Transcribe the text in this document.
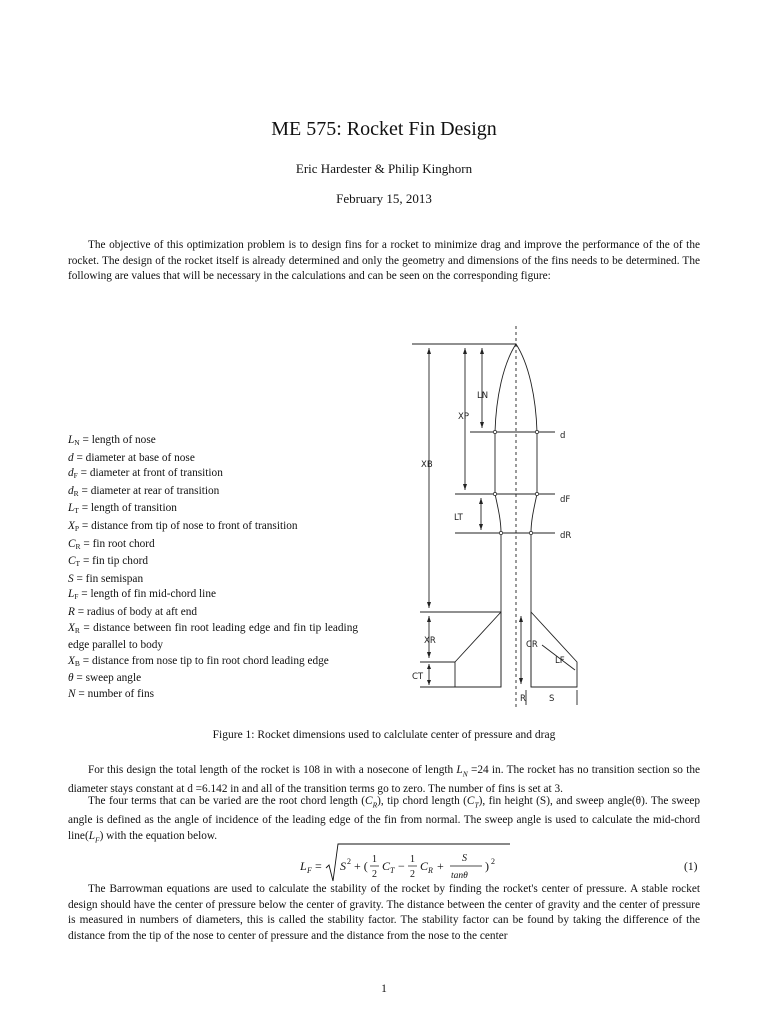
ME 575: Rocket Fin Design
Eric Hardester & Philip Kinghorn
February 15, 2013

The objective of this optimization problem is to design fins for a rocket to minimize drag and improve the performance of the of the rocket. The design of the rocket itself is already determined and only the geometry and dimensions of the fins needs to be determined. The following are values that will be necessary in the calculations and can be seen on the corresponding figure:

$L_N$ = length of nose
d = diameter at base of nose
$d_F$ = diameter at front of transition
$d_R$ = diameter at rear of transition
$L_T$ = length of transition
$X_P$ = distance from tip of nose to front of transition
$C_R$ = fin root chord
$C_T$ = fin tip chord
S = fin semispan
$L_F$ = length of fin mid-chord line
R = radius of body at aft end
$X_R$ = distance between fin root leading edge and fin tip leading edge parallel to body
$X_B$ = distance from nose tip to fin root chord leading edge
θ = sweep angle
N = number of fins
LN
XP
XB
d
dF
LT
dR
XR	CR
LF
CT
R	S
Figure 1: Rocket dimensions used to calclulate center of pressure and drag

For this design the total length of the rocket is 108 in with a nosecone of length $L_N =24$ in. The rocket has no transition section so the diameter stays constant at d =6.142 in and all of the transition terms go to zero. The number of fins is set at 3.

The four terms that can be varied are the root chord length $(C_R)$, tip chord length $(C_T)$, fin height (S), and sweep angle(θ). The sweep angle is defined as the angle of incidence of the leading edge of the fin from normal. The sweep angle is used to calculate the mid-chord $line(L_F)$ with the equation below.

L F = S 2 + ( 1
2
C T − 1
2
C R +
S
tanθ
) 2	(1)

The Barrowman equations are used to calculate the stability of the rocket by finding the rocket's center of pressure. A stable rocket design should have the center of pressure below the center of gravity. The distance between the center of gravity and the center of pressure is measured in numbers of diameters, this is called the stability factor. The stability factor can be found by taking the difference of the distance from the tip of the nose to center of pressure and the distance from the nose to the center

1
